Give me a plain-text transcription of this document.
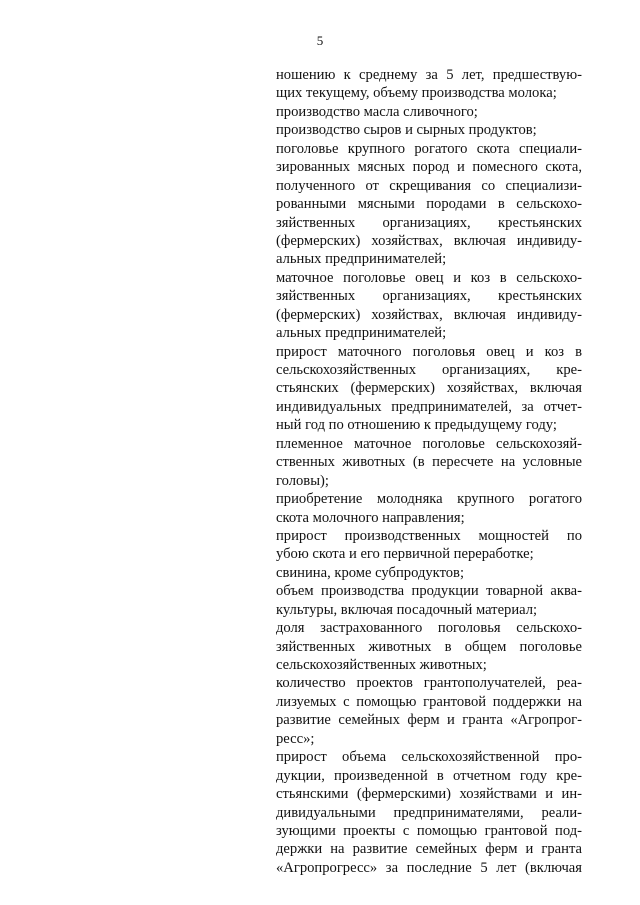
5
ношению к среднему за 5 лет, предшествую-
щих текущему, объему производства молока;
производство масла сливочного;
производство сыров и сырных продуктов;
поголовье крупного рогатого скота специали-
зированных мясных пород и помесного скота,
полученного от скрещивания со специализи-
рованными мясными породами в сельскохо-
зяйственных организациях, крестьянских
(фермерских) хозяйствах, включая индивиду-
альных предпринимателей;
маточное поголовье овец и коз в сельскохо-
зяйственных организациях, крестьянских
(фермерских) хозяйствах, включая индивиду-
альных предпринимателей;
прирост маточного поголовья овец и коз в
сельскохозяйственных организациях, кре-
стьянских (фермерских) хозяйствах, включая
индивидуальных предпринимателей, за отчет-
ный год по отношению к предыдущему году;
племенное маточное поголовье сельскохозяй-
ственных животных (в пересчете на условные
головы);
приобретение молодняка крупного рогатого
скота молочного направления;
прирост производственных мощностей по
убою скота и его первичной переработке;
свинина, кроме субпродуктов;
объем производства продукции товарной аква-
культуры, включая посадочный материал;
доля застрахованного поголовья сельскохо-
зяйственных животных в общем поголовье
сельскохозяйственных животных;
количество проектов грантополучателей, реа-
лизуемых с помощью грантовой поддержки на
развитие семейных ферм и гранта «Агропрог-
ресс»;
прирост объема сельскохозяйственной про-
дукции, произведенной в отчетном году кре-
стьянскими (фермерскими) хозяйствами и ин-
дивидуальными предпринимателями, реали-
зующими проекты с помощью грантовой под-
держки на развитие семейных ферм и гранта
«Агропрогресс» за последние 5 лет (включая
